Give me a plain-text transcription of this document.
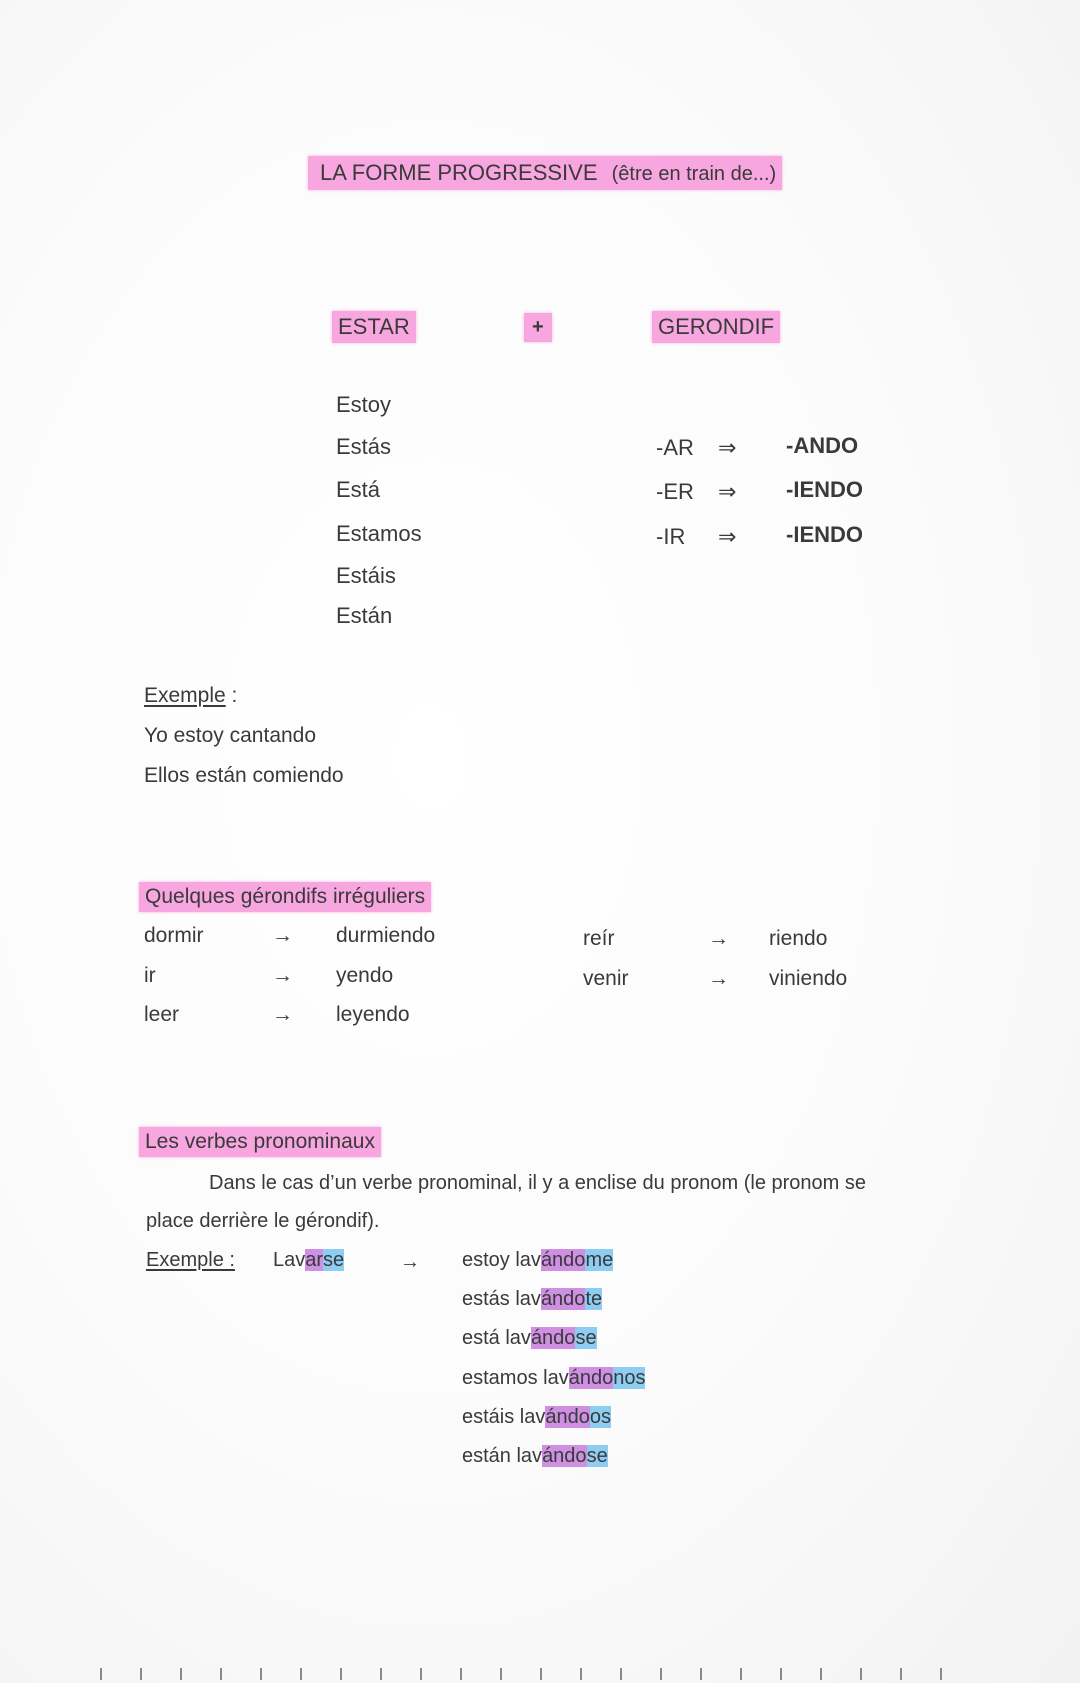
LA FORME PROGRESSIVE (être en train de...)
ESTAR	+	GERONDIF
Estoy
Estás
Está
Estamos
Estáis
Están
-AR ⇒ -ANDO
-ER ⇒ -IENDO
-IR ⇒ -IENDO
Exemple :
Yo estoy cantando
Ellos están comiendo
Quelques gérondifs irréguliers
dormir	→ durmiendo
ir	→ yendo
leer	→ leyendo
reír	→ riendo
venir	→ viniendo
Les verbes pronominaux
Dans le cas d’un verbe pronominal, il y a enclise du pronom (le pronom se
place derrière le gérondif).
Exemple : Lavarse	→ estoy lavándome
estás lavándote
está lavándose
estamos lavándonos
estáis lavándoos
están lavándose
